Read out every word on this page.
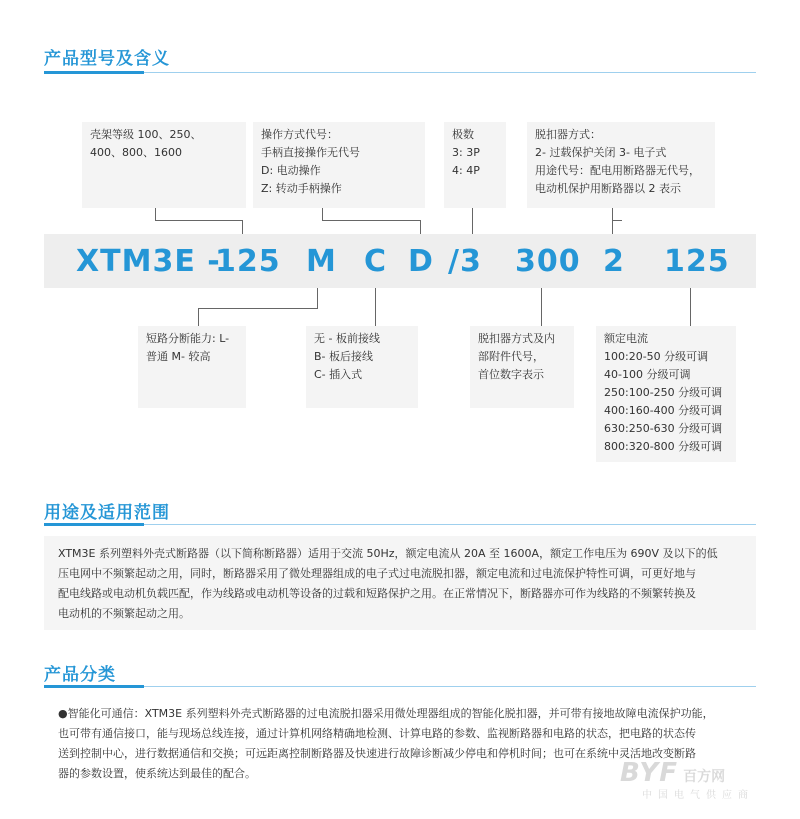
产品型号及含义
壳架等级 100、250、
400、800、1600
操作方式代号：
手柄直接操作无代号
D: 电动操作
Z: 转动手柄操作
极数
3: 3P
4: 4P
脱扣器方式：
2- 过载保护关闭 3- 电子式
用途代号：配电用断路器无代号，
电动机保护用断路器以 2 表示
XTM3E -
125 M C D /3 300 2 125
短路分断能力: L-
普通 M- 较高
无 - 板前接线
B- 板后接线
C- 插入式
脱扣器方式及内
部附件代号，
首位数字表示
额定电流
100:20-50 分级可调
40-100 分级可调
250:100-250 分级可调
400:160-400 分级可调
630:250-630 分级可调
800:320-800 分级可调
用途及适用范围
XTM3E 系列塑料外壳式断路器（以下简称断路器）适用于交流 50Hz，额定电流从 20A 至 1600A，额定工作电压为 690V 及以下的低
压电网中不频繁起动之用，同时，断路器采用了微处理器组成的电子式过电流脱扣器，额定电流和过电流保护特性可调，可更好地与
配电线路或电动机负载匹配，作为线路或电动机等设备的过载和短路保护之用。在正常情况下，断路器亦可作为线路的不频繁转换及
电动机的不频繁起动之用。
产品分类
●智能化可通信：XTM3E 系列塑料外壳式断路器的过电流脱扣器采用微处理器组成的智能化脱扣器，并可带有接地故障电流保护功能，
也可带有通信接口，能与现场总线连接，通过计算机网络精确地检测、计算电路的参数、监视断路器和电路的状态，把电路的状态传
送到控制中心，进行数据通信和交换；可远距离控制断路器及快速进行故障诊断减少停电和停机时间；也可在系统中灵活地改变断路
器的参数设置，使系统达到最佳的配合。	BYF 百方网
中国电气供应商
